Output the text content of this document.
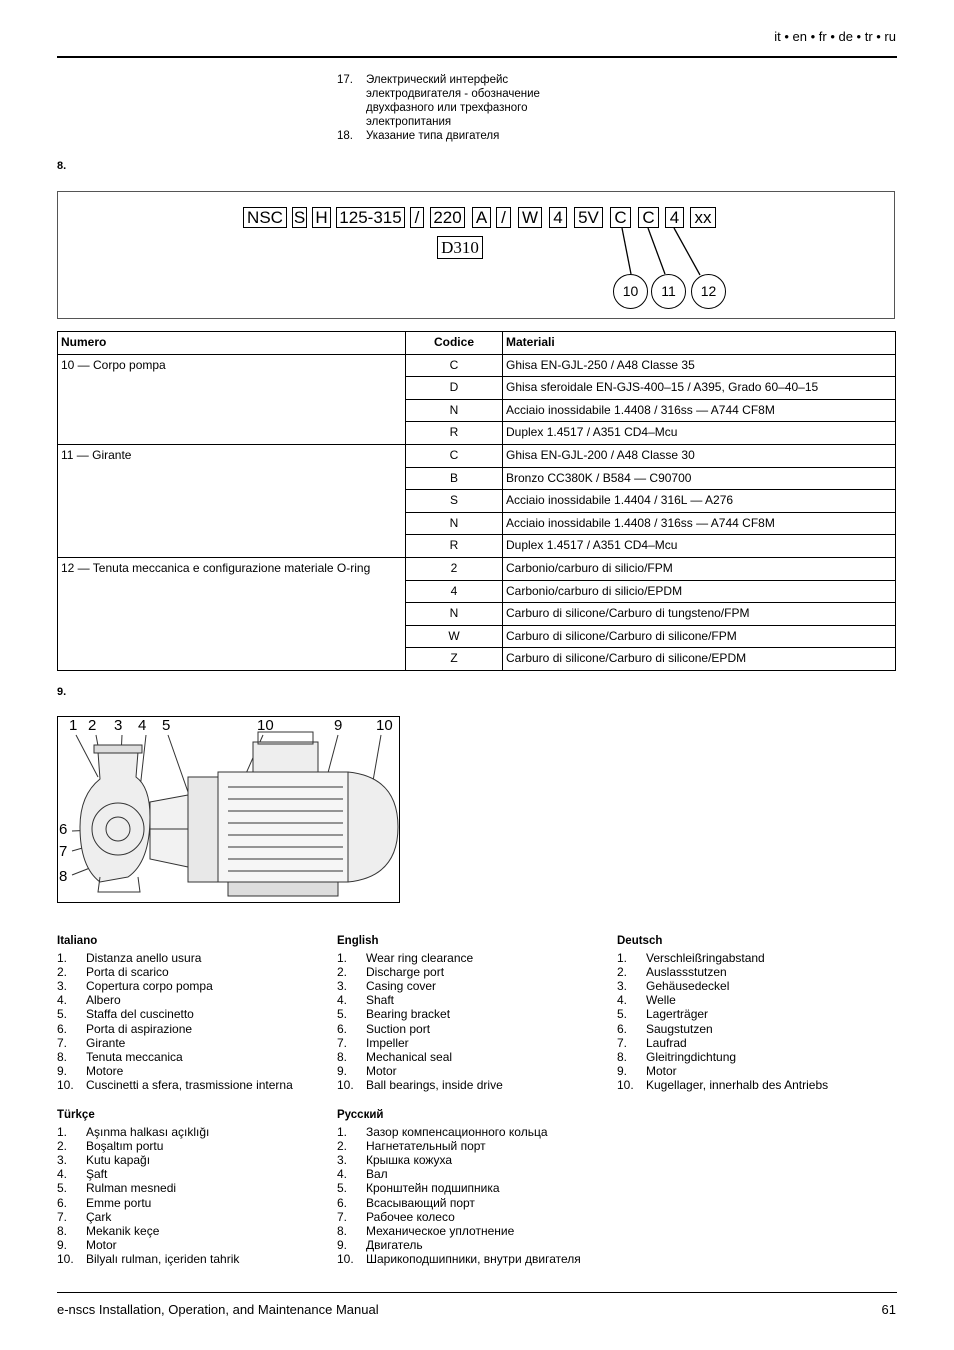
it • en • fr • de • tr • ru
17.	Электрический интерфейс электродвигателя - обозначение двухфазного или трехфазного электропитания
18.	Указание типа двигателя
8.
NSC S H 125-315 / 220 A / W 4 5V C C 4 xx
D310
10	11	12
Numero	Codice	Materiali
10 — Corpo pompa	C	Ghisa EN-GJL-250 / A48 Classe 35
	D	Ghisa sferoidale EN-GJS-400–15 / A395, Grado 60–40–15
	N	Acciaio inossidabile 1.4408 / 316ss — A744 CF8M
	R	Duplex 1.4517 / A351 CD4–Mcu
11 — Girante	C	Ghisa EN-GJL-200 / A48 Classe 30
	B	Bronzo CC380K / B584 — C90700
	S	Acciaio inossidabile 1.4404 / 316L — A276
	N	Acciaio inossidabile 1.4408 / 316ss — A744 CF8M
	R	Duplex 1.4517 / A351 CD4–Mcu
12 — Tenuta meccanica e configurazione materiale O-ring	2	Carbonio/carburo di silicio/FPM
	4	Carbonio/carburo di silicio/EPDM
	N	Carburo di silicone/Carburo di tungsteno/FPM
	W	Carburo di silicone/Carburo di silicone/FPM
	Z	Carburo di silicone/Carburo di silicone/EPDM
9.
1 2 3 4 5	10	9 10
6
7
8
Italiano
1.	Distanza anello usura
2.	Porta di scarico
3.	Copertura corpo pompa
4.	Albero
5.	Staffa del cuscinetto
6.	Porta di aspirazione
7.	Girante
8.	Tenuta meccanica
9.	Motore
10.	Cuscinetti a sfera, trasmissione interna
English
1.	Wear ring clearance
2.	Discharge port
3.	Casing cover
4.	Shaft
5.	Bearing bracket
6.	Suction port
7.	Impeller
8.	Mechanical seal
9.	Motor
10.	Ball bearings, inside drive
Deutsch
1.	Verschleißringabstand
2.	Auslassstutzen
3.	Gehäusedeckel
4.	Welle
5.	Lagerträger
6.	Saugstutzen
7.	Laufrad
8.	Gleitringdichtung
9.	Motor
10.	Kugellager, innerhalb des Antriebs
Türkçe
1.	Aşınma halkası açıklığı
2.	Boşaltım portu
3.	Kutu kapağı
4.	Şaft
5.	Rulman mesnedi
6.	Emme portu
7.	Çark
8.	Mekanik keçe
9.	Motor
10.	Bilyalı rulman, içeriden tahrik
Русский
1.	Зазор компенсационного кольца
2.	Нагнетательный порт
3.	Крышка кожуха
4.	Вал
5.	Кронштейн подшипника
6.	Всасывающий порт
7.	Рабочее колесо
8.	Механическое уплотнение
9.	Двигатель
10.	Шарикоподшипники, внутри двигателя
e-nscs Installation, Operation, and Maintenance Manual	61
